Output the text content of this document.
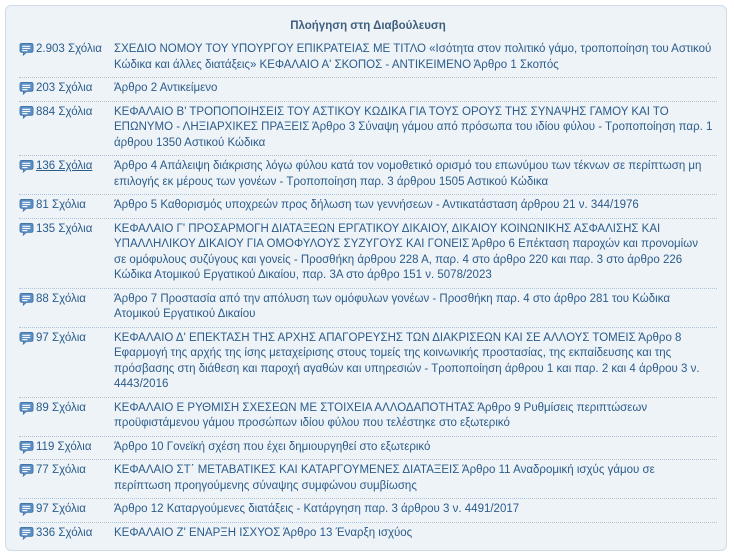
Πλοήγηση στη Διαβούλευση
2.903 Σχόλια ΣΧΕΔΙΟ ΝΟΜΟΥ ΤΟΥ ΥΠΟΥΡΓΟΥ ΕΠΙΚΡΑΤΕΙΑΣ ΜΕ ΤΙΤΛΟ «Ισότητα στον πολιτικό γάμο, τροποποίηση του Αστικού Κώδικα και άλλες διατάξεις» ΚΕΦΑΛΑΙΟ Α' ΣΚΟΠΟΣ - ΑΝΤΙΚΕΙΜΕΝΟ Άρθρο 1 Σκοπός
203 Σχόλια Άρθρο 2 Αντικείμενο
884 Σχόλια ΚΕΦΑΛΑΙΟ Β' ΤΡΟΠΟΠΟΙΗΣΕΙΣ ΤΟΥ ΑΣΤΙΚΟΥ ΚΩΔΙΚΑ ΓΙΑ ΤΟΥΣ ΟΡΟΥΣ ΤΗΣ ΣΥΝΑΨΗΣ ΓΑΜΟΥ ΚΑΙ ΤΟ ΕΠΩΝΥΜΟ - ΛΗΞΙΑΡΧΙΚΕΣ ΠΡΑΞΕΙΣ Άρθρο 3 Σύναψη γάμου από πρόσωπα του ιδίου φύλου - Τροποποίηση παρ. 1 άρθρου 1350 Αστικού Κώδικα
136 Σχόλια Άρθρο 4 Απάλειψη διάκρισης λόγω φύλου κατά τον νομοθετικό ορισμό του επωνύμου των τέκνων σε περίπτωση μη επιλογής εκ μέρους των γονέων - Τροποποίηση παρ. 3 άρθρου 1505 Αστικού Κώδικα
81 Σχόλια Άρθρο 5 Καθορισμός υποχρεών προς δήλωση των γεννήσεων - Αντικατάσταση άρθρου 21 ν. 344/1976
135 Σχόλια ΚΕΦΑΛΑΙΟ Γ' ΠΡΟΣΑΡΜΟΓΗ ΔΙΑΤΑΞΕΩΝ ΕΡΓΑΤΙΚΟΥ ΔΙΚΑΙΟΥ, ΔΙΚΑΙΟΥ ΚΟΙΝΩΝΙΚΗΣ ΑΣΦΑΛΙΣΗΣ ΚΑΙ ΥΠΑΛΛΗΛΙΚΟΥ ΔΙΚΑΙΟΥ ΓΙΑ ΟΜΟΦΥΛΟΥΣ ΣΥΖΥΓΟΥΣ ΚΑΙ ΓΟΝΕΙΣ Άρθρο 6 Επέκταση παροχών και προνομίων σε ομόφυλους συζύγους και γονείς - Προσθήκη άρθρου 228 Α, παρ. 4 στο άρθρο 220 και παρ. 3 στο άρθρο 226 Κώδικα Ατομικού Εργατικού Δικαίου, παρ. 3Α στο άρθρο 151 ν. 5078/2023
88 Σχόλια Άρθρο 7 Προστασία από την απόλυση των ομόφυλων γονέων - Προσθήκη παρ. 4 στο άρθρο 281 του Κώδικα Ατομικού Εργατικού Δικαίου
97 Σχόλια ΚΕΦΑΛΑΙΟ Δ' ΕΠΕΚΤΑΣΗ ΤΗΣ ΑΡΧΗΣ ΑΠΑΓΟΡΕΥΣΗΣ ΤΩΝ ΔΙΑΚΡΙΣΕΩΝ ΚΑΙ ΣΕ ΑΛΛΟΥΣ ΤΟΜΕΙΣ Άρθρο 8 Εφαρμογή της αρχής της ίσης μεταχείρισης στους τομείς της κοινωνικής προστασίας, της εκπαίδευσης και της πρόσβασης στη διάθεση και παροχή αγαθών και υπηρεσιών - Τροποποίηση άρθρου 1 και παρ. 2 και 4 άρθρου 3 ν. 4443/2016
89 Σχόλια ΚΕΦΑΛΑΙΟ Ε ΡΥΘΜΙΣΗ ΣΧΕΣΕΩΝ ΜΕ ΣΤΟΙΧΕΙΑ ΑΛΛΟΔΑΠΟΤΗΤΑΣ Άρθρο 9 Ρυθμίσεις περιπτώσεων προϋφιστάμενου γάμου προσώπων ιδίου φύλου που τελέστηκε στο εξωτερικό
119 Σχόλια Άρθρο 10 Γονεϊκή σχέση που έχει δημιουργηθεί στο εξωτερικό
77 Σχόλια ΚΕΦΑΛΑΙΟ ΣΤ΄ ΜΕΤΑΒΑΤΙΚΕΣ ΚΑΙ ΚΑΤΑΡΓΟΥΜΕΝΕΣ ΔΙΑΤΑΞΕΙΣ Άρθρο 11 Αναδρομική ισχύς γάμου σε περίπτωση προηγούμενης σύναψης συμφώνου συμβίωσης
97 Σχόλια Άρθρο 12 Καταργούμενες διατάξεις - Κατάργηση παρ. 3 άρθρου 3 ν. 4491/2017
336 Σχόλια ΚΕΦΑΛΑΙΟ Ζ' ΕΝΑΡΞΗ ΙΣΧΥΟΣ Άρθρο 13 Έναρξη ισχύος
